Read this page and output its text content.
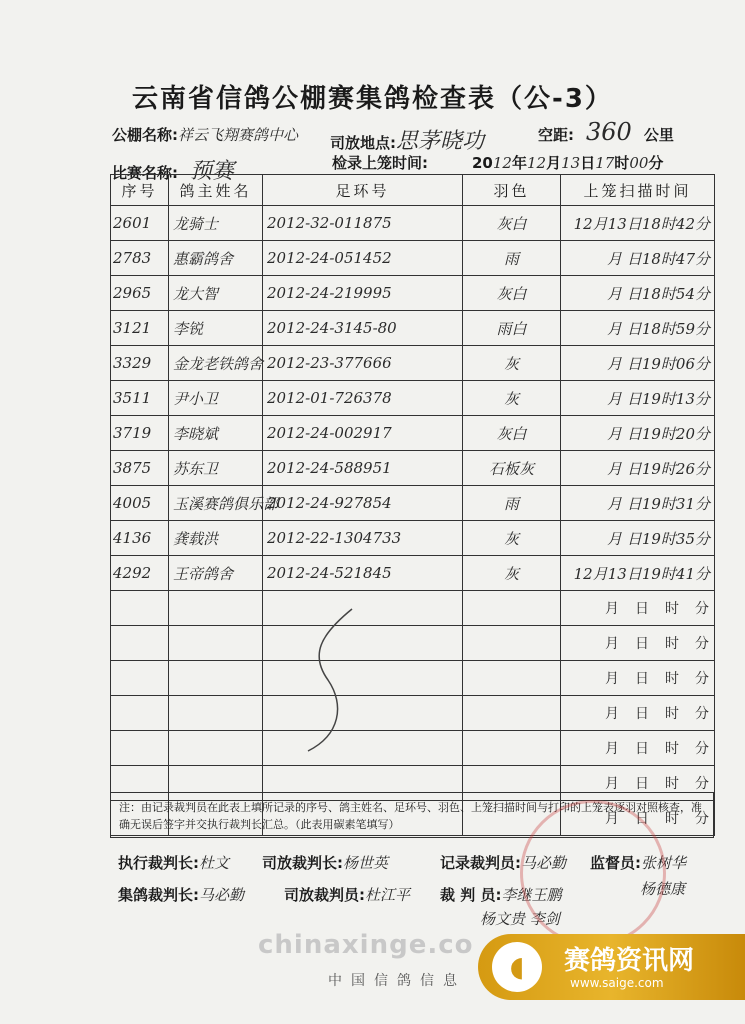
云南省信鸽公棚赛集鸽检查表（公-3）
公棚名称:祥云飞翔赛鸽中心 司放地点:思茅晓功	空距: 360 公里
比赛名称: 预赛	检录上笼时间:	2012年12月13日17时00分
序号	鸽主姓名	足环号	羽色	上笼扫描时间
2601	龙骑士	2012-32-011875	灰白	12月13日18时42分
2783	惠霸鸽舍	2012-24-051452	雨	月 日18时47分
2965	龙大智	2012-24-219995	灰白	月 日18时54分
3121	李锐	2012-24-3145-80	雨白	月 日18时59分
3329	金龙老铁鸽舍	2012-23-377666	灰	月 日19时06分
3511	尹小卫	2012-01-726378	灰	月 日19时13分
3719	李晓斌	2012-24-002917	灰白	月 日19时20分
3875	苏东卫	2012-24-588951	石板灰	月 日19时26分
4005	玉溪赛鸽俱乐部	2012-24-927854	雨	月 日19时31分
4136	龚载洪	2012-22-1304733	灰	月 日19时35分
4292	王帝鸽舍	2012-24-521845	灰	12月13日19时41分
				月　日　时　分
				月　日　时　分
				月　日　时　分
				月　日　时　分
				月　日　时　分
				月　日　时　分
				月　日　时　分
注：由记录裁判员在此表上填所记录的序号、鸽主姓名、足环号、羽色、上笼扫描时间与打印的上笼表逐羽对照核查，准确无误后签字并交执行裁判长汇总。（此表用碳素笔填写）
执行裁判长:杜文 司放裁判长:杨世英	记录裁判员:马必勤 监督员:张树华
杨德康
集鸽裁判长:马必勤	司放裁判员:杜江平 裁 判 员:李继王鹏
杨文贵 李剑
chinaxinge.co
中国信鸽信息	◖	赛鸽资讯网
www.saige.com
